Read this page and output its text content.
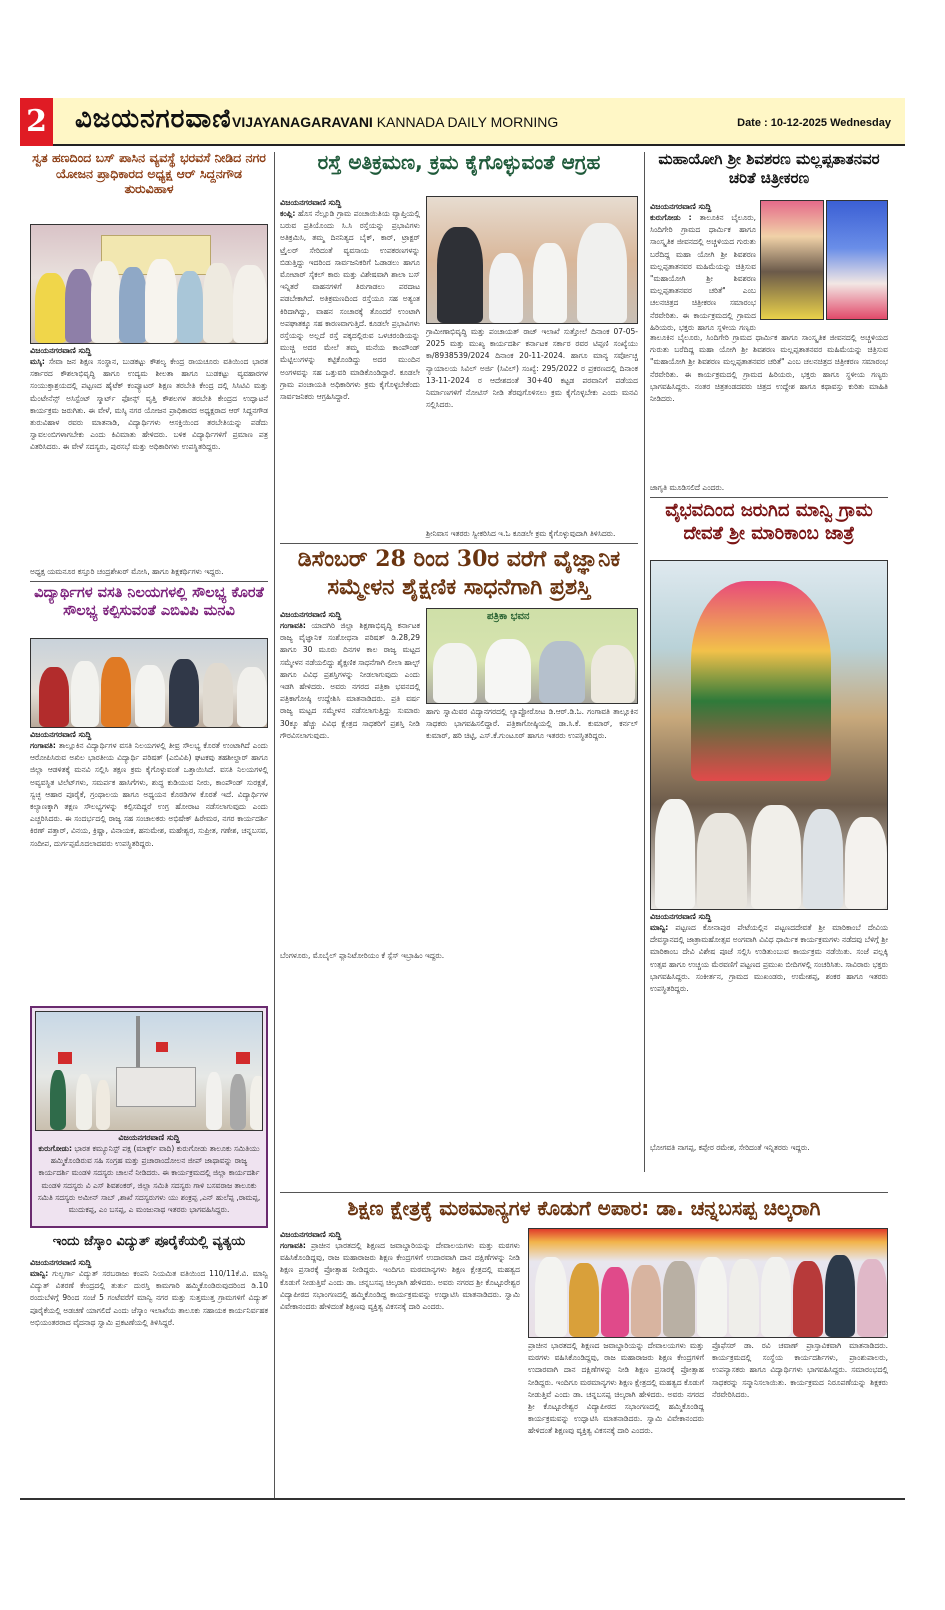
2 ವಿಜಯನಗರವಾಣಿ VIJAYANAGARAVANI KANNADA DAILY MORNING	Date : 10-12-2025 Wednesday
ಸ್ವತ ಹಣದಿಂದ ಬಸ್ ಪಾಸಿನ ವ್ಯವಸ್ಥೆ ಭರವಸೆ ನೀಡಿದ ನಗರ ಯೋಜನ ಪ್ರಾಧಿಕಾರದ ಅಧ್ಯಕ್ಷ ಆರ್ ಸಿದ್ದನಗೌಡ ತುರುವಿಹಾಳ
ವಿಜಯನಗರವಾಣಿ ಸುದ್ದಿ
ಮಸ್ಕಿ: ಸೇವಾ ಜನ ಶಿಕ್ಷಣ ಸಂಸ್ಥಾನ, ಬುಡಕಟ್ಟು ಕೌಶಲ್ಯ ಕೇಂದ್ರ ರಾಯಚೂರು ವತಿಯಿಂದ ಭಾರತ ಸರ್ಕಾರದ ಕೌಶಲಾಭಿವೃದ್ಧಿ ಹಾಗೂ ಉದ್ಯಮ ಶೀಲತಾ ಹಾಗೂ ಬುಡಕಟ್ಟು ವ್ಯವಹಾರಗಳ ಸಂಯುಕ್ತಾಶ್ರಯದಲ್ಲಿ ಪಟ್ಟಣದ ಹೈಟೆಕ್ ಕಂಪ್ಯೂಟರ್ ಶಿಕ್ಷಣ ತರಬೇತಿ ಕೇಂದ್ರ ದಲ್ಲಿ ಸಿಸಿಟಿವಿ ಮತ್ತು ಮೆಂಟೇನೆನ್ಸ್ ಅಸಿಸ್ಟೆಂಟ್ ಸ್ಮಾರ್ಟ್ ಫೋನ್ಸ್ ವೃತ್ತಿ ಕೌಶಲಗಳ ತರಬೇತಿ ಕೇಂದ್ರದ ಉದ್ಘಾಟನೆ ಕಾರ್ಯಕ್ರಮ ಜರುಗಿತು. ಈ ವೇಳೆ, ಮಸ್ಕಿ ನಗರ ಯೋಜನ ಪ್ರಾಧಿಕಾರದ ಅಧ್ಯಕ್ಷರಾದ ಆರ್ ಸಿದ್ದನಗೌಡ ತುರುವಿಹಾಳ ರವರು ಮಾತನಾಡಿ, ವಿದ್ಯಾರ್ಥಿಗಳು ಆಸಕ್ತಿಯಿಂದ ತರಬೇತಿಯನ್ನು ಪಡೆದು ಸ್ವಾವಲಂಬಿಗಳಾಗಬೇಕು ಎಂದು ಕಿವಿಮಾತು ಹೇಳಿದರು. ಬಳಿಕ ವಿದ್ಯಾರ್ಥಿಗಳಿಗೆ ಪ್ರಮಾಣ ಪತ್ರ ವಿತರಿಸಿದರು. ಈ ವೇಳೆ ಸದಸ್ಯರು, ಪುರಸಭೆ ಮತ್ತು ಅಧಿಕಾರಿಗಳು ಉಪಸ್ಥಿತರಿದ್ದರು.
ಅಧ್ಯಕ್ಷ ಯಮನೂರ ಕಸ್ತೂರಿ ಚಂದ್ರಶೇಖರ್ ಮೋಸಿ, ಹಾಗೂ ಶಿಕ್ಷಕರ್ಥಿಗಳು ಇದ್ದರು.
ವಿದ್ಯಾರ್ಥಿಗಳ ವಸತಿ ನಿಲಯಗಳಲ್ಲಿ ಸೌಲಭ್ಯ ಕೊರತೆ ಸೌಲಭ್ಯ ಕಲ್ಪಿಸುವಂತೆ ಎಬಿವಿಪಿ ಮನವಿ
ವಿಜಯನಗರವಾಣಿ ಸುದ್ದಿ
ಗಂಗಾವತಿ: ತಾಲ್ಲೂಕಿನ ವಿದ್ಯಾರ್ಥಿಗಳ ವಸತಿ ನಿಲಯಗಳಲ್ಲಿ ತೀವ್ರ ಸೌಲಭ್ಯ ಕೊರತೆ ಉಂಟಾಗಿದೆ ಎಂದು ಆರೋಪಿಸಿರುವ ಅಖಿಲ ಭಾರತೀಯ ವಿದ್ಯಾರ್ಥಿ ಪರಿಷತ್ (ಎಬಿವಿಪಿ) ಘಟಕವು ತಹಶೀಲ್ದಾರ್ ಹಾಗೂ ಜಿಲ್ಲಾ ಆಡಳಿತಕ್ಕೆ ಮನವಿ ಸಲ್ಲಿಸಿ ತಕ್ಷಣ ಕ್ರಮ ಕೈಗೊಳ್ಳುವಂತೆ ಒತ್ತಾಯಿಸಿದೆ. ವಸತಿ ನಿಲಯಗಳಲ್ಲಿ ಅವ್ಯವಸ್ಥಿತ ಟಿಲೆಟ್‌ಗಳು, ಸಮರ್ಪಕ ಹಾಸಿಗೆಗಳು, ಶುದ್ಧ ಕುಡಿಯುವ ನೀರು, ಕಾಂಪೌಂಡ್ ಸುರಕ್ಷತೆ, ಸ್ವಚ್ಛ ಆಹಾರ ಪೂರೈಕೆ, ಗ್ರಂಥಾಲಯ ಹಾಗೂ ಅಧ್ಯಯನ ಕೊಠಡಿಗಳ ಕೊರತೆ ಇದೆ. ವಿದ್ಯಾರ್ಥಿಗಳ ಕಲ್ಯಾಣಕ್ಕಾಗಿ ತಕ್ಷಣ ಸೌಲಭ್ಯಗಳನ್ನು ಕಲ್ಪಿಸದಿದ್ದರೆ ಉಗ್ರ ಹೋರಾಟ ನಡೆಸಲಾಗುವುದು ಎಂದು ಎಚ್ಚರಿಸಿದರು. ಈ ಸಂದರ್ಭದಲ್ಲಿ ರಾಜ್ಯ ಸಹ ಸಂಚಾಲಕರು ಅಭಿಷೇಕ್ ಹಿರೇಮಠ, ನಗರ ಕಾರ್ಯದರ್ಶಿ ಕಿರಣ್ ಪತ್ತಾರ್, ವಿನಯ, ಕ್ರಿಷ್ಣಾ, ವಿನಾಯಕ, ಹನುಮೇಶ, ಮಹೇಶ್ವರ, ಸುಪ್ರೀತ, ಗಣೇಶ, ಚನ್ನಬಸವ, ಸಂದೀಪ, ದುರ್ಗಪ್ಪಮೊದಲಾದವರು ಉಪಸ್ಥಿತರಿದ್ದರು.
ವಿಜಯನಗರವಾಣಿ ಸುದ್ದಿ
ಕುರುಗೋಡು: ಭಾರತ ಕಮ್ಯೂನಿಸ್ಟ್ ಪಕ್ಷ (ಮಾರ್ಕ್ಸ್ ವಾದಿ) ಕುರುಗೋಡು ತಾಲೂಕು ಸಮಿತಿಯು ಹಮ್ಮಿಕೊಂಡಿರುವ ಸಹಿ ಸಂಗ್ರಹ ಮತ್ತು ಪ್ರಚಾರಾಂದೋಲನ ಜೀಪ್ ಜಾಥಾವನ್ನು ರಾಜ್ಯ ಕಾರ್ಯದರ್ಶಿ ಮಂಡಳಿ ಸದಸ್ಯರು ಚಾಲನೆ ನೀಡಿದರು. ಈ ಕಾರ್ಯಕ್ರಮದಲ್ಲಿ ಜಿಲ್ಲಾ ಕಾರ್ಯದರ್ಶಿ ಮಂಡಳಿ ಸದಸ್ಯರು ವಿ ಎಸ್ ಶಿವಶಂಕರ್, ಜಿಲ್ಲಾ ಸಮಿತಿ ಸದಸ್ಯರು ಗಾಳಿ ಬಸವರಾಜ ತಾಲೂಕು ಸಮಿತಿ ಸದಸ್ಯರು ಅಮೀನ್ ಸಾಬ್ ,ಶಾಖೆ ಸದಸ್ಯರುಗಳು ಯು ಶಂಕ್ರಪ್ಪ ,ಎನ್ ಹುಲೆಪ್ಪ ,ರಾಮಪ್ಪ, ಮುದುಕಪ್ಪ, ಎಂ ಬಸಪ್ಪ, ಎ ಮಂಜುನಾಥ ಇತರರು ಭಾಗವಹಿಸಿದ್ದರು.
ಇಂದು ಜೆಸ್ಕಾಂ ವಿದ್ಯುತ್ ಪೂರೈಕೆಯಲ್ಲಿ ವ್ಯತ್ಯಯ
ವಿಜಯನಗರವಾಣಿ ಸುದ್ದಿ
ಮಾನ್ವಿ: ಗುಲ್ಬರ್ಗಾ ವಿದ್ಯುತ್ ಸರಬರಾಜು ಕಂಪನಿ ನಿಯಮಿತ ವತಿಯಿಂದ 110/11ಕೆ.ವಿ. ಮಾನ್ವಿ ವಿದ್ಯುತ್ ವಿತರಣೆ ಕೇಂದ್ರದಲ್ಲಿ ತುರ್ತು ದುರಸ್ತಿ ಕಾಮಗಾರಿ ಹಮ್ಮಿಕೊಂಡಿರುವುದರಿಂದ ಡಿ.10 ರಂದುಬೆಳಿಗ್ಗೆ 9ರಿಂದ ಸಂಜೆ 5 ಗಂಟೆವರೆಗೆ ಮಾನ್ವಿ ನಗರ ಮತ್ತು ಸುತ್ತಮುತ್ತ ಗ್ರಾಮಗಳಿಗೆ ವಿದ್ಯುತ್ ಪೂರೈಕೆಯಲ್ಲಿ ಅಡಚಣೆ ಯಾಗಲಿದೆ ಎಂದು ಜೆಸ್ಕಾಂ ಇಲಾಖೆಯ ತಾಲೂಕು ಸಹಾಯಕ ಕಾರ್ಯನಿರ್ವಹಕ ಅಭಿಯಂತರರಾದ ವೈದನಾಥ ಸ್ವಾಮಿ ಪ್ರಕಟಣೆಯಲ್ಲಿ ತಿಳಿಸಿದ್ದರೆ.
ರಸ್ತೆ ಅತಿಕ್ರಮಣ, ಕ್ರಮ ಕೈಗೊಳ್ಳುವಂತೆ ಆಗ್ರಹ
ವಿಜಯನಗರವಾಣಿ ಸುದ್ದಿ
ಕಂಪ್ಲಿ: ಹೊಸ ನೆಲ್ಲೂಡಿ ಗ್ರಾಮ ಪಂಚಾಯಿತಿಯ ವ್ಯಾಪ್ತಿಯಲ್ಲಿ ಬರುವ ಪ್ರತಿಯೊಂದು ಸಿ.ಸಿ ರಸ್ತೆಯನ್ನು ಪ್ರಭಾವಿಗಳು ಅತಿಕ್ರಮಿಸಿ, ತಮ್ಮ ದಿನನಿತ್ಯದ ಬೈಕ್, ಕಾರ್, ಟ್ರಾಕ್ಟರ್ ಟ್ರೈಲರ್ ಸೇರಿದಂತೆ ವ್ಯವಸಾಯ ಉಪಕರಣಗಳನ್ನು ಬಿಡುತ್ತಿದ್ದು ಇದರಿಂದ ಸಾರ್ವಜನಿಕರಿಗೆ ಓಡಾಡಲು ಹಾಗೂ ಮೋಟಾರ್ ಸೈಕಲ್ ಕಾರು ಮತ್ತು ವಿಶೇಷವಾಗಿ ಶಾಲಾ ಬಸ್ ಇನ್ನಿತರೆ ವಾಹನಗಳಿಗೆ ತಿರುಗಾಡಲು ಪರದಾಟ ಪಡಬೇಕಾಗಿದೆ. ಅತಿಕ್ರಮಣದಿಂದ ರಸ್ತೆಯೂ ಸಹ ಅತ್ಯಂತ ಕಿರಿದಾಗಿದ್ದು, ವಾಹನ ಸಂಚಾರಕ್ಕೆ ತೊಂದರೆ ಉಂಟಾಗಿ ಅಪಘಾತಕ್ಕೂ ಸಹ ಕಾರಣವಾಗುತ್ತಿದೆ. ಕೂಡಲೇ ಪ್ರಭಾವಿಗಳು ರಸ್ತೆಯನ್ನು ಅಲ್ಲದೆ ರಸ್ತೆ ಪಕ್ಕದಲ್ಲಿರುವ ಒಳಚರಂಡಿಯನ್ನು ಮುಚ್ಚಿ ಅದರ ಮೇಲೆ ತಮ್ಮ ಮನೆಯ ಕಾಂಪೌಂಡ್ ಮೆಟ್ಟಿಲುಗಳನ್ನು ಕಟ್ಟಿಕೊಂಡಿದ್ದು ಅದರ ಮುಂದಿನ ಅಂಗಳವನ್ನು ಸಹ ಒತ್ತುವರಿ ಮಾಡಿಕೊಂಡಿದ್ದಾರೆ. ಕೂಡಲೇ ಗ್ರಾಮ ಪಂಚಾಯತಿ ಅಧಿಕಾರಿಗಳು ಕ್ರಮ ಕೈಗೊಳ್ಳಬೇಕೆಂದು ಸಾರ್ವಜನಿಕರು ಆಗ್ರಹಿಸಿದ್ದಾರೆ.
ಗ್ರಾಮೀಣಾಭಿವೃದ್ಧಿ ಮತ್ತು ಪಂಚಾಯತ್ ರಾಜ್ ಇಲಾಖೆ ಸುತ್ತೋಲೆ ದಿನಾಂಕ 07-05-2025 ಮತ್ತು ಮುಖ್ಯ ಕಾರ್ಯದರ್ಶಿ ಕರ್ನಾಟಕ ಸರ್ಕಾರ ರವರ ಟಿಪ್ಪಣಿ ಸಂಖ್ಯೆಯು ಕಾ/8938539/2024 ದಿನಾಂಕ 20-11-2024. ಹಾಗೂ ಮಾನ್ಯ ಸರ್ವೋಚ್ಚ ನ್ಯಾಯಾಲಯ ಸಿವಿಲ್ ಅರ್ಜಿ (ಸಿವಿಲ್) ಸಂಖ್ಯೆ: 295/2022 ರ ಪ್ರಕರಣದಲ್ಲಿ ದಿನಾಂಕ 13-11-2024 ರ ಆದೇಶದಂತೆ 30+40 ಕಟ್ಟಡ ಪರವಾನಿಗೆ ಪಡೆಯದ ನಿರ್ಮಾಣಗಳಿಗೆ ನೋಟಿಸ್ ನೀಡಿ ತೆರವುಗೊಳಿಸಲು ಕ್ರಮ ಕೈಗೊಳ್ಳಬೇಕು ಎಂದು ಮನವಿ ಸಲ್ಲಿಸಿದರು.
ಶ್ರೀನಿವಾಸ ಇತರರು ಸ್ವೀಕರಿಸಿದ ಇ.ಓ ಕೂಡಲೇ ಕ್ರಮ ಕೈಗೊಳ್ಳುವುದಾಗಿ ತಿಳಿಸಿದರು.
ಡಿಸೆಂಬರ್ 28 ರಿಂದ 30ರ ವರೆಗೆ ವೈಜ್ಞಾನಿಕ ಸಮ್ಮೇಳನ ಶೈಕ್ಷಣಿಕ ಸಾಧನೆಗಾಗಿ ಪ್ರಶಸ್ತಿ
ವಿಜಯನಗರವಾಣಿ ಸುದ್ದಿ
ಗಂಗಾವತಿ: ಯಾದಗಿರಿ ಜಿಲ್ಲಾ ಶಿಕ್ಷಣಾಭಿವೃದ್ಧಿ ಕರ್ನಾಟಕ ರಾಜ್ಯ ವೈಜ್ಞಾನಿಕ ಸಂಶೋಧನಾ ಪರಿಷತ್ ಡಿ.28,29 ಹಾಗೂ 30 ಮೂರು ದಿನಗಳ ಕಾಲ ರಾಜ್ಯ ಮಟ್ಟದ ಸಮ್ಮೇಳನ ನಡೆಯಲಿದ್ದು ಶೈಕ್ಷಣಿಕ ಸಾಧನೆಗಾಗಿ ಲೀಲಾ ಹಾಲ್ಟ್ ಹಾಗೂ ವಿವಿಧ ಪ್ರಶಸ್ತಿಗಳನ್ನು ನೀಡಲಾಗುವುದು ಎಂದು ಇಡಗಿ ಹೇಳಿದರು. ಅವರು ನಗರದ ಪತ್ರಿಕಾ ಭವನದಲ್ಲಿ ಪತ್ರಿಕಾಗೋಷ್ಠಿ ಉದ್ದೇಶಿಸಿ ಮಾತನಾಡಿದರು. ಪ್ರತಿ ವರ್ಷ ರಾಜ್ಯ ಮಟ್ಟದ ಸಮ್ಮೇಳನ ನಡೆಸಲಾಗುತ್ತಿದ್ದು ಸುಮಾರು 30ಕ್ಕೂ ಹೆಚ್ಚು ವಿವಿಧ ಕ್ಷೇತ್ರದ ಸಾಧಕರಿಗೆ ಪ್ರಶಸ್ತಿ ನೀಡಿ ಗೌರವಿಸಲಾಗುವುದು.
ಪತ್ರಿಕಾ ಭವನ
ಹಾಗು ಸ್ವಾಮಿವರ ವಿದ್ಯಾನಗರದಲ್ಲಿ ಲ್ಯಾಪ್ಟೋರೋಟ ಡಿ.ಆರ್.ಡಿ.ಓ. ಗಂಗಾವತಿ ತಾಲ್ಲೂಕಿನ ಸಾಧಕರು ಭಾಗವಹಿಸಲಿದ್ದಾರೆ. ಪತ್ರಿಕಾಗೋಷ್ಠಿಯಲ್ಲಿ ಡಾ.ಸಿ.ಕೆ. ಕುಮಾರ್, ಕರ್ನಲ್ ಕುಮಾರ್, ಹರಿ ಚಿಟ್ಟಿ, ಎಸ್.ಕೆ.ಗುಂಟೂರ್ ಹಾಗೂ ಇತರರು ಉಪಸ್ಥಿತರಿದ್ದರು.
ಬೆಂಗಳೂರು, ಮೊಬೈಲ್ ಪ್ಲಾನಿಟೋರಿಯಂ ಕೆ ಸ್ಪೆಸ್ ಇಬ್ರಾಹಿಂ ಇದ್ದರು.
ಮಹಾಯೋಗಿ ಶ್ರೀ ಶಿವಶರಣ ಮಲ್ಲಪ್ಪತಾತನವರ ಚರಿತೆ ಚಿತ್ರೀಕರಣ
ವಿಜಯನಗರವಾಣಿ ಸುದ್ದಿ
ಕುರುಗೋಡು : ತಾಲೂಕಿನ ಬೈಲೂರು, ಸಿಂದಿಗೇರಿ ಗ್ರಾಮದ ಧಾರ್ಮಿಕ ಹಾಗೂ ಸಾಂಸ್ಕೃತಿಕ ಜೀವನದಲ್ಲಿ ಅಚ್ಚಳಿಯದ ಗುರುತು ಬರೆದಿದ್ದ ಮಹಾ ಯೋಗಿ ಶ್ರೀ ಶಿವಶರಣ ಮಲ್ಲಪ್ಪತಾತನವರ ಮಹಿಮೆಯನ್ನು ಚಿತ್ರಿಸುವ "ಮಹಾಯೋಗಿ ಶ್ರೀ ಶಿವಶರಣ ಮಲ್ಲಪ್ಪತಾತನವರ ಚರಿತೆ" ಎಂಬ ಚಲನಚಿತ್ರದ ಚಿತ್ರೀಕರಣ ಸಮಾರಂಭ ನೆರವೇರಿತು. ಈ ಕಾರ್ಯಕ್ರಮದಲ್ಲಿ ಗ್ರಾಮದ ಹಿರಿಯರು, ಭಕ್ತರು ಹಾಗೂ ಸ್ಥಳೀಯ ಗಣ್ಯರು
ತಾಲೂಕಿನ ಬೈಲೂರು, ಸಿಂದಿಗೇರಿ ಗ್ರಾಮದ ಧಾರ್ಮಿಕ ಹಾಗೂ ಸಾಂಸ್ಕೃತಿಕ ಜೀವನದಲ್ಲಿ ಅಚ್ಚಳಿಯದ ಗುರುತು ಬರೆದಿದ್ದ ಮಹಾ ಯೋಗಿ ಶ್ರೀ ಶಿವಶರಣ ಮಲ್ಲಪ್ಪತಾತನವರ ಮಹಿಮೆಯನ್ನು ಚಿತ್ರಿಸುವ "ಮಹಾಯೋಗಿ ಶ್ರೀ ಶಿವಶರಣ ಮಲ್ಲಪ್ಪತಾತನವರ ಚರಿತೆ" ಎಂಬ ಚಲನಚಿತ್ರದ ಚಿತ್ರೀಕರಣ ಸಮಾರಂಭ ನೆರವೇರಿತು. ಈ ಕಾರ್ಯಕ್ರಮದಲ್ಲಿ ಗ್ರಾಮದ ಹಿರಿಯರು, ಭಕ್ತರು ಹಾಗೂ ಸ್ಥಳೀಯ ಗಣ್ಯರು ಭಾಗವಹಿಸಿದ್ದರು. ನಂತರ ಚಿತ್ರತಂಡದವರು ಚಿತ್ರದ ಉದ್ದೇಶ ಹಾಗೂ ಕಥಾವಸ್ತು ಕುರಿತು ಮಾಹಿತಿ ನೀಡಿದರು.
ಜಾಗೃತಿ ಮೂಡಿಸಲಿದೆ ಎಂದರು.
ವೈಭವದಿಂದ ಜರುಗಿದ ಮಾನ್ವಿ ಗ್ರಾಮ ದೇವತೆ ಶ್ರೀ ಮಾರಿಕಾಂಬ ಜಾತ್ರೆ
ವಿಜಯನಗರವಾಣಿ ಸುದ್ದಿ
ಮಾನ್ವಿ: ಪಟ್ಟಣದ ಕೋನಾಪುರ ಪೇಟೆಯಲ್ಲಿನ ಪಟ್ಟಣದದೇವತೆ ಶ್ರೀ ಮಾರಿಕಾಂಬೆ ದೇವಿಯ ದೇವಸ್ಥಾನದಲ್ಲಿ ಜಾತ್ರಾಮಹೋತ್ಸವ ಅಂಗವಾಗಿ ವಿವಿಧ ಧಾರ್ಮಿಕ ಕಾರ್ಯಕ್ರಮಗಳು ನಡೆದವು ಬೆಳಿಗ್ಗೆ ಶ್ರೀ ಮಾರಿಕಾಂಬ ದೇವಿ ವಿಶೇಷ ಪೂಜೆ ಸಲ್ಲಿಸಿ ಉಡಿತುಂಬುವ ಕಾರ್ಯಕ್ರಮ ನಡೆಯಿತು. ಸಂಜೆ ಪಲ್ಲಕ್ಕಿ ಉತ್ಸವ ಹಾಗೂ ಉಚ್ಚಯ ಮೆರವಣಿಗೆ ಪಟ್ಟಣದ ಪ್ರಮುಖ ಬೀದಿಗಳಲ್ಲಿ ಸಂಚರಿಸಿತು. ಸಾವಿರಾರು ಭಕ್ತರು ಭಾಗವಹಿಸಿದ್ದರು. ಸಂಕೀರ್ತನ, ಗ್ರಾಮದ ಮುಖಂಡರು, ಉಮೇಶಪ್ಪ, ಶಂಕರ ಹಾಗೂ ಇತರರು ಉಪಸ್ಥಿತರಿದ್ದರು.
ಭೋಗವತಿ ನಾಗಪ್ಪ, ಕಪ್ಪೇರ ರಮೇಶ, ಸೇರಿದಂತೆ ಇನ್ನಿತರರು ಇದ್ದರು.
ಶಿಕ್ಷಣ ಕ್ಷೇತ್ರಕ್ಕೆ ಮಠಮಾನ್ಯಗಳ ಕೊಡುಗೆ ಅಪಾರ: ಡಾ. ಚನ್ನಬಸಪ್ಪ ಚಿಲ್ಕರಾಗಿ
ವಿಜಯನಗರವಾಣಿ ಸುದ್ದಿ
ಗಂಗಾವತಿ: ಪ್ರಾಚೀನ ಭಾರತದಲ್ಲಿ ಶಿಕ್ಷಣದ ಜವಾಬ್ದಾರಿಯನ್ನು ದೇವಾಲಯಗಳು ಮತ್ತು ಮಠಗಳು ವಹಿಸಿಕೊಂಡಿದ್ದವು, ರಾಜ ಮಹಾರಾಜರು ಶಿಕ್ಷಣ ಕೇಂದ್ರಗಳಿಗೆ ಉದಾರವಾಗಿ ದಾನ ದಕ್ಷಿಣೆಗಳನ್ನು ನೀಡಿ ಶಿಕ್ಷಣ ಪ್ರಸಾರಕ್ಕೆ ಪ್ರೋತ್ಸಾಹ ನೀಡಿದ್ದರು. ಇಂದಿಗೂ ಮಠಮಾನ್ಯಗಳು ಶಿಕ್ಷಣ ಕ್ಷೇತ್ರದಲ್ಲಿ ಮಹತ್ವದ ಕೊಡುಗೆ ನೀಡುತ್ತಿವೆ ಎಂದು ಡಾ. ಚನ್ನಬಸಪ್ಪ ಚಿಲ್ಕರಾಗಿ ಹೇಳಿದರು. ಅವರು ನಗರದ ಶ್ರೀ ಕೊಟ್ಟೂರೇಶ್ವರ ವಿದ್ಯಾಪೀಠದ ಸಭಾಂಗಣದಲ್ಲಿ ಹಮ್ಮಿಕೊಂಡಿದ್ದ ಕಾರ್ಯಕ್ರಮವನ್ನು ಉದ್ಘಾಟಿಸಿ ಮಾತನಾಡಿದರು. ಸ್ವಾಮಿ ವಿವೇಕಾನಂದರು ಹೇಳಿದಂತೆ ಶಿಕ್ಷಣವು ವ್ಯಕ್ತಿತ್ವ ವಿಕಸನಕ್ಕೆ ದಾರಿ ಎಂದರು.
ಪ್ರಾಚೀನ ಭಾರತದಲ್ಲಿ ಶಿಕ್ಷಣದ ಜವಾಬ್ದಾರಿಯನ್ನು ದೇವಾಲಯಗಳು ಮತ್ತು ಮಠಗಳು ವಹಿಸಿಕೊಂಡಿದ್ದವು, ರಾಜ ಮಹಾರಾಜರು ಶಿಕ್ಷಣ ಕೇಂದ್ರಗಳಿಗೆ ಉದಾರವಾಗಿ ದಾನ ದಕ್ಷಿಣೆಗಳನ್ನು ನೀಡಿ ಶಿಕ್ಷಣ ಪ್ರಸಾರಕ್ಕೆ ಪ್ರೋತ್ಸಾಹ ನೀಡಿದ್ದರು. ಇಂದಿಗೂ ಮಠಮಾನ್ಯಗಳು ಶಿಕ್ಷಣ ಕ್ಷೇತ್ರದಲ್ಲಿ ಮಹತ್ವದ ಕೊಡುಗೆ ನೀಡುತ್ತಿವೆ ಎಂದು ಡಾ. ಚನ್ನಬಸಪ್ಪ ಚಿಲ್ಕರಾಗಿ ಹೇಳಿದರು. ಅವರು ನಗರದ ಶ್ರೀ ಕೊಟ್ಟೂರೇಶ್ವರ ವಿದ್ಯಾಪೀಠದ ಸಭಾಂಗಣದಲ್ಲಿ ಹಮ್ಮಿಕೊಂಡಿದ್ದ ಕಾರ್ಯಕ್ರಮವನ್ನು ಉದ್ಘಾಟಿಸಿ ಮಾತನಾಡಿದರು. ಸ್ವಾಮಿ ವಿವೇಕಾನಂದರು ಹೇಳಿದಂತೆ ಶಿಕ್ಷಣವು ವ್ಯಕ್ತಿತ್ವ ವಿಕಸನಕ್ಕೆ ದಾರಿ ಎಂದರು.
ಪ್ರೊಫೆಸರ್ ಡಾ. ರವಿ ಚವಾಣ್ ಪ್ರಾಸ್ತಾವಿಕವಾಗಿ ಮಾತನಾಡಿದರು. ಕಾರ್ಯಕ್ರಮದಲ್ಲಿ ಸಂಸ್ಥೆಯ ಕಾರ್ಯದರ್ಶಿಗಳು, ಪ್ರಾಂಶುಪಾಲರು, ಉಪನ್ಯಾಸಕರು ಹಾಗೂ ವಿದ್ಯಾರ್ಥಿಗಳು ಭಾಗವಹಿಸಿದ್ದರು. ಸಮಾರಂಭದಲ್ಲಿ ಸಾಧಕರನ್ನು ಸನ್ಮಾನಿಸಲಾಯಿತು. ಕಾರ್ಯಕ್ರಮದ ನಿರೂಪಣೆಯನ್ನು ಶಿಕ್ಷಕರು ನೆರವೇರಿಸಿದರು.
